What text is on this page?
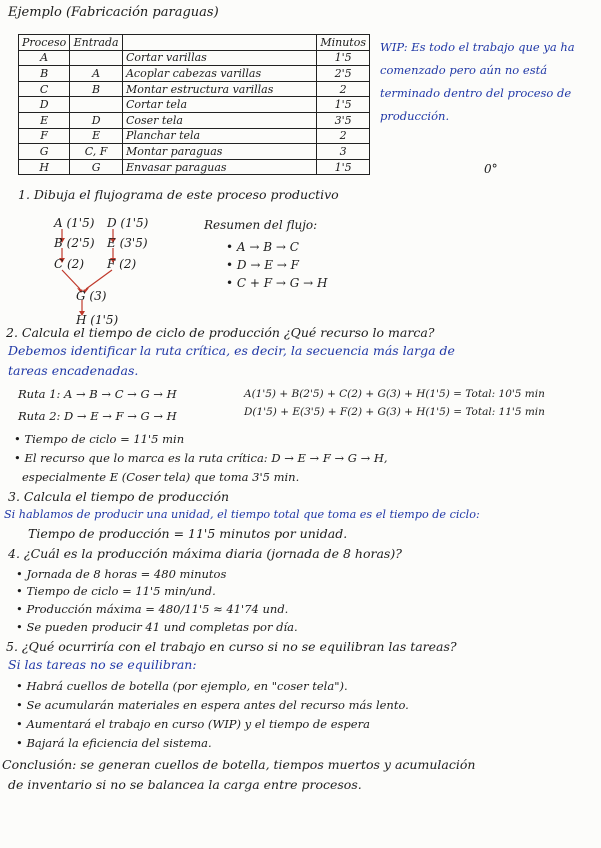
Ejemplo (Fabricación paraguas)
Proceso	Entrada		Minutos
A		Cortar varillas	1'5
B	A	Acoplar cabezas varillas	2'5
C	B	Montar estructura varillas	2
D		Cortar tela	1'5
E	D	Coser tela	3'5
F	E	Planchar tela	2
G	C, F	Montar paraguas	3
H	G	Envasar paraguas	1'5
WIP: Es todo el trabajo que ya ha comenzado pero aún no está terminado dentro del proceso de producción.
0°
1. Dibuja el flujograma de este proceso productivo
A (1'5) D (1'5)
B (2'5) E (3'5)
C (2) F (2)
G (3)
H (1'5)
Resumen del flujo:
• A → B → C
• D → E → F
• C + F → G → H
2. Calcula el tiempo de ciclo de producción ¿Qué recurso lo marca?
Debemos identificar la ruta crítica, es decir, la secuencia más larga de
tareas encadenadas.
Ruta 1: A → B → C → G → H	A(1'5) + B(2'5) + C(2) + G(3) + H(1'5) = Total: 10'5 min
Ruta 2: D → E → F → G → H	D(1'5) + E(3'5) + F(2) + G(3) + H(1'5) = Total: 11'5 min
• Tiempo de ciclo = 11'5 min
• El recurso que lo marca es la ruta crítica: D → E → F → G → H,
especialmente E (Coser tela) que toma 3'5 min.
3. Calcula el tiempo de producción
Si hablamos de producir una unidad, el tiempo total que toma es el tiempo de ciclo:
Tiempo de producción = 11'5 minutos por unidad.
4. ¿Cuál es la producción máxima diaria (jornada de 8 horas)?
• Jornada de 8 horas = 480 minutos
• Tiempo de ciclo = 11'5 min/und.
• Producción máxima = 480/11'5 ≈ 41'74 und.
• Se pueden producir 41 und completas por día.
5. ¿Qué ocurriría con el trabajo en curso si no se equilibran las tareas?
Si las tareas no se equilibran:
• Habrá cuellos de botella (por ejemplo, en "coser tela").
• Se acumularán materiales en espera antes del recurso más lento.
• Aumentará el trabajo en curso (WIP) y el tiempo de espera
• Bajará la eficiencia del sistema.
Conclusión: se generan cuellos de botella, tiempos muertos y acumulación
de inventario si no se balancea la carga entre procesos.
